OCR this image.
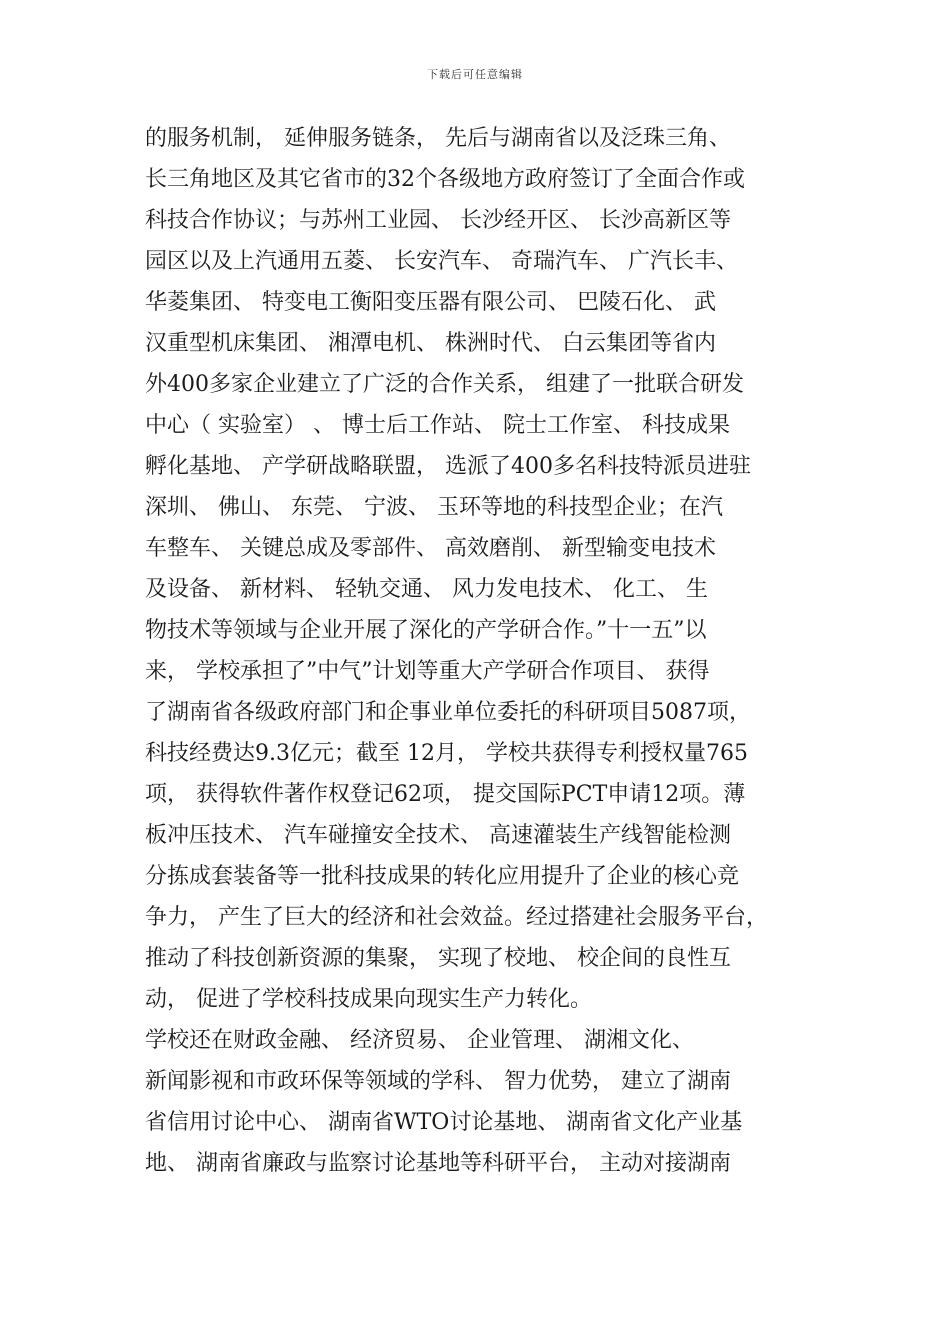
下载后可任意编辑
的服务机制， 延伸服务链条， 先后与湖南省以及泛珠三角、
长三角地区及其它省市的32个各级地方政府签订了全面合作或
科技合作协议；与苏州工业园、 长沙经开区、 长沙高新区等
园区以及上汽通用五菱、 长安汽车、 奇瑞汽车、 广汽长丰、
华菱集团、 特变电工衡阳变压器有限公司、 巴陵石化、 武
汉重型机床集团、 湘潭电机、 株洲时代、 白云集团等省内
外400多家企业建立了广泛的合作关系， 组建了一批联合研发
中心（ 实验室） 、 博士后工作站、 院士工作室、 科技成果
孵化基地、 产学研战略联盟， 选派了400多名科技特派员进驻
深圳、 佛山、 东莞、 宁波、 玉环等地的科技型企业；在汽
车整车、 关键总成及零部件、 高效磨削、 新型输变电技术
及设备、 新材料、 轻轨交通、 风力发电技术、 化工、 生
物技术等领域与企业开展了深化的产学研合作。”十一五”以
来， 学校承担了”中气”计划等重大产学研合作项目、 获得
了湖南省各级政府部门和企事业单位委托的科研项目5087项，
科技经费达9.3亿元；截至 12月， 学校共获得专利授权量765
项， 获得软件著作权登记62项， 提交国际PCT申请12项。薄
板冲压技术、 汽车碰撞安全技术、 高速灌装生产线智能检测
分拣成套装备等一批科技成果的转化应用提升了企业的核心竞
争力， 产生了巨大的经济和社会效益。经过搭建社会服务平台，
推动了科技创新资源的集聚， 实现了校地、 校企间的良性互
动， 促进了学校科技成果向现实生产力转化。
学校还在财政金融、 经济贸易、 企业管理、 湖湘文化、
新闻影视和市政环保等领域的学科、 智力优势， 建立了湖南
省信用讨论中心、 湖南省WTO讨论基地、 湖南省文化产业基
地、 湖南省廉政与监察讨论基地等科研平台， 主动对接湖南
